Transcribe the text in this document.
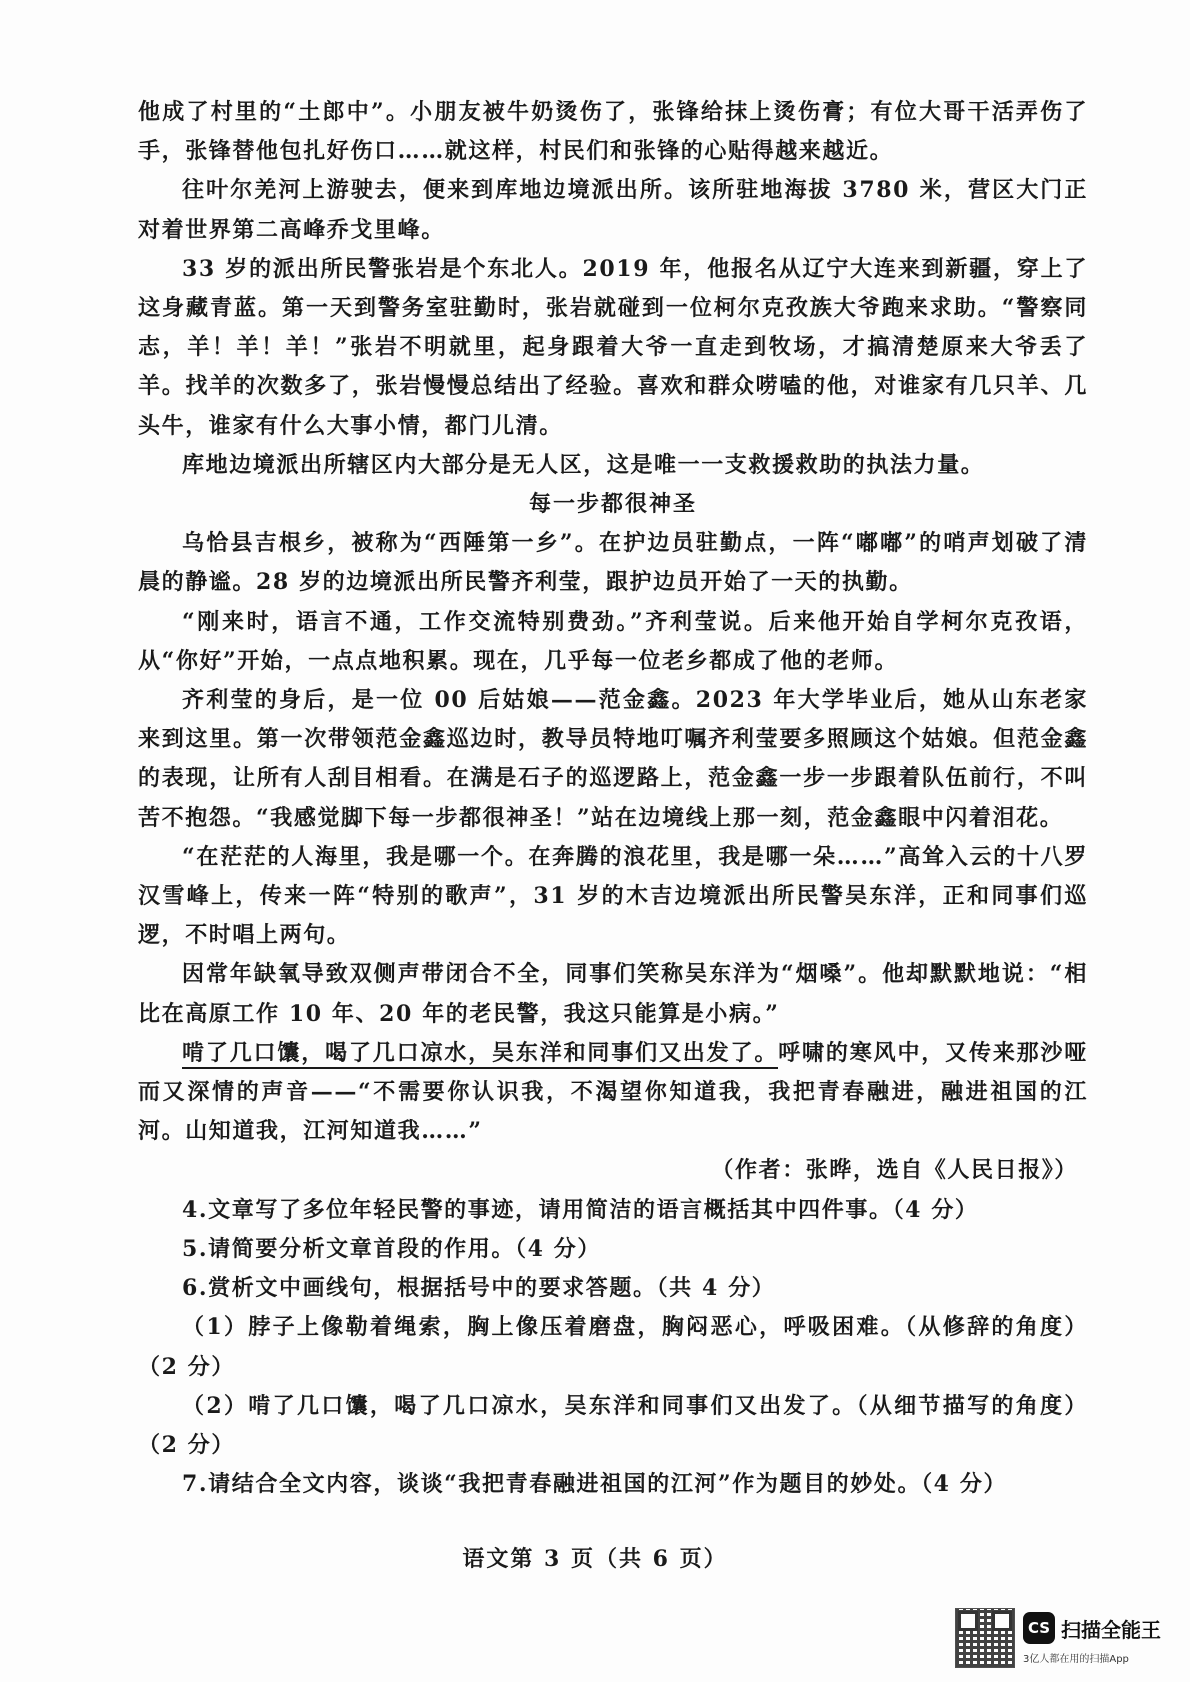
他成了村里的“土郎中”。小朋友被牛奶烫伤了，张锋给抹上烫伤膏；有位大哥干活弄伤了手，张锋替他包扎好伤口……就这样，村民们和张锋的心贴得越来越近。

往叶尔羌河上游驶去，便来到库地边境派出所。该所驻地海拔 3780 米，营区大门正对着世界第二高峰乔戈里峰。

33 岁的派出所民警张岩是个东北人。2019 年，他报名从辽宁大连来到新疆，穿上了这身藏青蓝。第一天到警务室驻勤时，张岩就碰到一位柯尔克孜族大爷跑来求助。“警察同志，羊！羊！羊！”张岩不明就里，起身跟着大爷一直走到牧场，才搞清楚原来大爷丢了羊。找羊的次数多了，张岩慢慢总结出了经验。喜欢和群众唠嗑的他，对谁家有几只羊、几头牛，谁家有什么大事小情，都门儿清。

库地边境派出所辖区内大部分是无人区，这是唯一一支救援救助的执法力量。

每一步都很神圣

乌恰县吉根乡，被称为“西陲第一乡”。在护边员驻勤点，一阵“嘟嘟”的哨声划破了清晨的静谧。28 岁的边境派出所民警齐利莹，跟护边员开始了一天的执勤。

“刚来时，语言不通，工作交流特别费劲。”齐利莹说。后来他开始自学柯尔克孜语，从“你好”开始，一点点地积累。现在，几乎每一位老乡都成了他的老师。

齐利莹的身后，是一位 00 后姑娘——范金鑫。2023 年大学毕业后，她从山东老家来到这里。第一次带领范金鑫巡边时，教导员特地叮嘱齐利莹要多照顾这个姑娘。但范金鑫的表现，让所有人刮目相看。在满是石子的巡逻路上，范金鑫一步一步跟着队伍前行，不叫苦不抱怨。“我感觉脚下每一步都很神圣！”站在边境线上那一刻，范金鑫眼中闪着泪花。

“在茫茫的人海里，我是哪一个。在奔腾的浪花里，我是哪一朵……”高耸入云的十八罗汉雪峰上，传来一阵“特别的歌声”，31 岁的木吉边境派出所民警吴东洋，正和同事们巡逻，不时唱上两句。

因常年缺氧导致双侧声带闭合不全，同事们笑称吴东洋为“烟嗓”。他却默默地说：“相比在高原工作 10 年、20 年的老民警，我这只能算是小病。”

啃了几口馕，喝了几口凉水，吴东洋和同事们又出发了。呼啸的寒风中，又传来那沙哑而又深情的声音——“不需要你认识我，不渴望你知道我，我把青春融进，融进祖国的江河。山知道我，江河知道我……”

（作者：张晔，选自《人民日报》）

4.文章写了多位年轻民警的事迹，请用简洁的语言概括其中四件事。（4 分）

5.请简要分析文章首段的作用。（4 分）

6.赏析文中画线句，根据括号中的要求答题。（共 4 分）

（1）脖子上像勒着绳索，胸上像压着磨盘，胸闷恶心，呼吸困难。（从修辞的角度）（2 分）

（2）啃了几口馕，喝了几口凉水，吴东洋和同事们又出发了。（从细节描写的角度）（2 分）

7.请结合全文内容，谈谈“我把青春融进祖国的江河”作为题目的妙处。（4 分）

语文第 3 页（共 6 页）
CS 扫描全能王
3亿人都在用的扫描App
